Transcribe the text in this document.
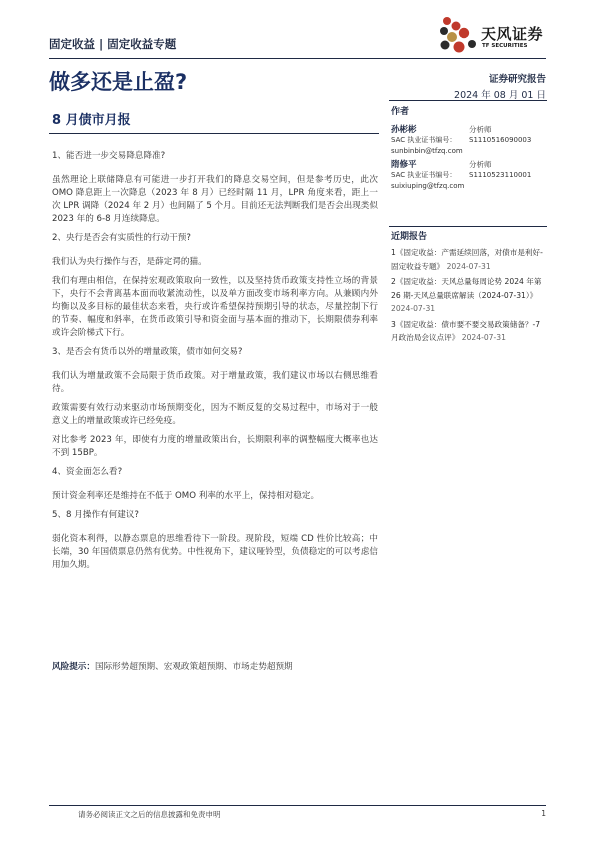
固定收益 | 固定收益专题
天风证券
TF SECURITIES
做多还是止盈?	证券研究报告
2024 年 08 月 01 日
8 月债市月报

1、能否进一步交易降息降准?

虽然理论上联储降息有可能进一步打开我们的降息交易空间，但是参考历史，此次 OMO 降息距上一次降息（2023 年 8 月）已经时隔 11 月，LPR 角度来看，距上一次 LPR 调降（2024 年 2 月）也间隔了 5 个月。目前还无法判断我们是否会出现类似 2023 年的 6-8 月连续降息。

2、央行是否会有实质性的行动干预?

我们认为央行操作与否，是薛定谔的猫。

我们有理由相信，在保持宏观政策取向一致性，以及坚持货币政策支持性立场的背景下，央行不会背离基本面而收紧流动性，以及单方面改变市场利率方向。从兼顾内外均衡以及多目标的最佳状态来看，央行或许希望保持预期引导的状态，尽量控制下行的节奏、幅度和斜率，在货币政策引导和资金面与基本面的推动下，长期限债券利率或许会阶梯式下行。

3、是否会有货币以外的增量政策，债市如何交易?

我们认为增量政策不会局限于货币政策。对于增量政策，我们建议市场以右侧思维看待。

政策需要有效行动来驱动市场预期变化，因为不断反复的交易过程中，市场对于一般意义上的增量政策或许已经免疫。

对比参考 2023 年，即使有力度的增量政策出台，长期限利率的调整幅度大概率也达不到 15BP。

4、资金面怎么看?

预计资金利率还是维持在不低于 OMO 利率的水平上，保持相对稳定。

5、8 月操作有何建议?

弱化资本利得，以静态票息的思维看待下一阶段。现阶段，短端 CD 性价比较高；中长端，30 年国债票息仍然有优势。中性视角下，建议哑铃型，负债稳定的可以考虑信用加久期。

作者
孙彬彬	分析师
SAC 执业证书编号： S1110516090003
sunbinbin@tfzq.com
隋修平	分析师
SAC 执业证书编号： S1110523110001
suixiuping@tfzq.com
近期报告
1《固定收益：产需延续回落，对债市是利好-固定收益专题》 2024-07-31
2《固定收益：天风总量每周论势 2024 年第 26 期-天风总量联席解读（2024-07-31）》 2024-07-31
3《固定收益：债市要不要交易政策储备？-7 月政治局会议点评》 2024-07-31
风险提示：国际形势超预期、宏观政策超预期、市场走势超预期
请务必阅读正文之后的信息披露和免责申明	1
